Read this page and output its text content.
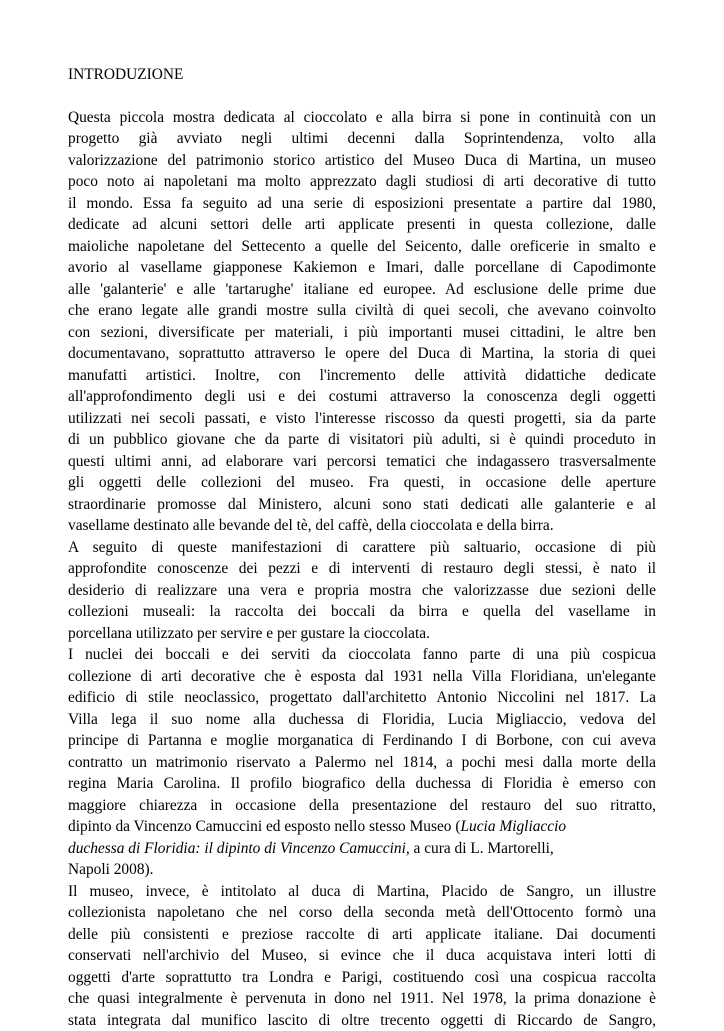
INTRODUZIONE
Questa piccola mostra dedicata al cioccolato e alla birra si pone in continuità con un
progetto già avviato negli ultimi decenni dalla Soprintendenza, volto alla
valorizzazione del patrimonio storico artistico del Museo Duca di Martina, un museo
poco noto ai napoletani ma molto apprezzato dagli studiosi di arti decorative di tutto
il mondo. Essa fa seguito ad una serie di esposizioni presentate a partire dal 1980,
dedicate ad alcuni settori delle arti applicate presenti in questa collezione, dalle
maioliche napoletane del Settecento a quelle del Seicento, dalle oreficerie in smalto e
avorio al vasellame giapponese Kakiemon e Imari, dalle porcellane di Capodimonte
alle 'galanterie' e alle 'tartarughe' italiane ed europee. Ad esclusione delle prime due
che erano legate alle grandi mostre sulla civiltà di quei secoli, che avevano coinvolto
con sezioni, diversificate per materiali, i più importanti musei cittadini, le altre ben
documentavano, soprattutto attraverso le opere del Duca di Martina, la storia di quei
manufatti artistici. Inoltre, con l'incremento delle attività didattiche dedicate
all'approfondimento degli usi e dei costumi attraverso la conoscenza degli oggetti
utilizzati nei secoli passati, e visto l'interesse riscosso da questi progetti, sia da parte
di un pubblico giovane che da parte di visitatori più adulti, si è quindi proceduto in
questi ultimi anni, ad elaborare vari percorsi tematici che indagassero trasversalmente
gli oggetti delle collezioni del museo. Fra questi, in occasione delle aperture
straordinarie promosse dal Ministero, alcuni sono stati dedicati alle galanterie e al
vasellame destinato alle bevande del tè, del caffè, della cioccolata e della birra.
A seguito di queste manifestazioni di carattere più saltuario, occasione di più
approfondite conoscenze dei pezzi e di interventi di restauro degli stessi, è nato il
desiderio di realizzare una vera e propria mostra che valorizzasse due sezioni delle
collezioni museali: la raccolta dei boccali da birra e quella del vasellame in
porcellana utilizzato per servire e per gustare la cioccolata.
I nuclei dei boccali e dei serviti da cioccolata fanno parte di una più cospicua
collezione di arti decorative che è esposta dal 1931 nella Villa Floridiana, un'elegante
edificio di stile neoclassico, progettato dall'architetto Antonio Niccolini nel 1817. La
Villa lega il suo nome alla duchessa di Floridia, Lucia Migliaccio, vedova del
principe di Partanna e moglie morganatica di Ferdinando I di Borbone, con cui aveva
contratto un matrimonio riservato a Palermo nel 1814, a pochi mesi dalla morte della
regina Maria Carolina. Il profilo biografico della duchessa di Floridia è emerso con
maggiore chiarezza in occasione della presentazione del restauro del suo ritratto,
dipinto da Vincenzo Camuccini ed esposto nello stesso Museo (Lucia Migliaccio
duchessa di Floridia: il dipinto di Vincenzo Camuccini, a cura di L. Martorelli,
Napoli 2008).
Il museo, invece, è intitolato al duca di Martina, Placido de Sangro, un illustre
collezionista napoletano che nel corso della seconda metà dell'Ottocento formò una
delle più consistenti e preziose raccolte di arti applicate italiane. Dai documenti
conservati nell'archivio del Museo, si evince che il duca acquistava interi lotti di
oggetti d'arte soprattutto tra Londra e Parigi, costituendo così una cospicua raccolta
che quasi integralmente è pervenuta in dono nel 1911. Nel 1978, la prima donazione è
stata integrata dal munifico lascito di oltre trecento oggetti di Riccardo de Sangro,
